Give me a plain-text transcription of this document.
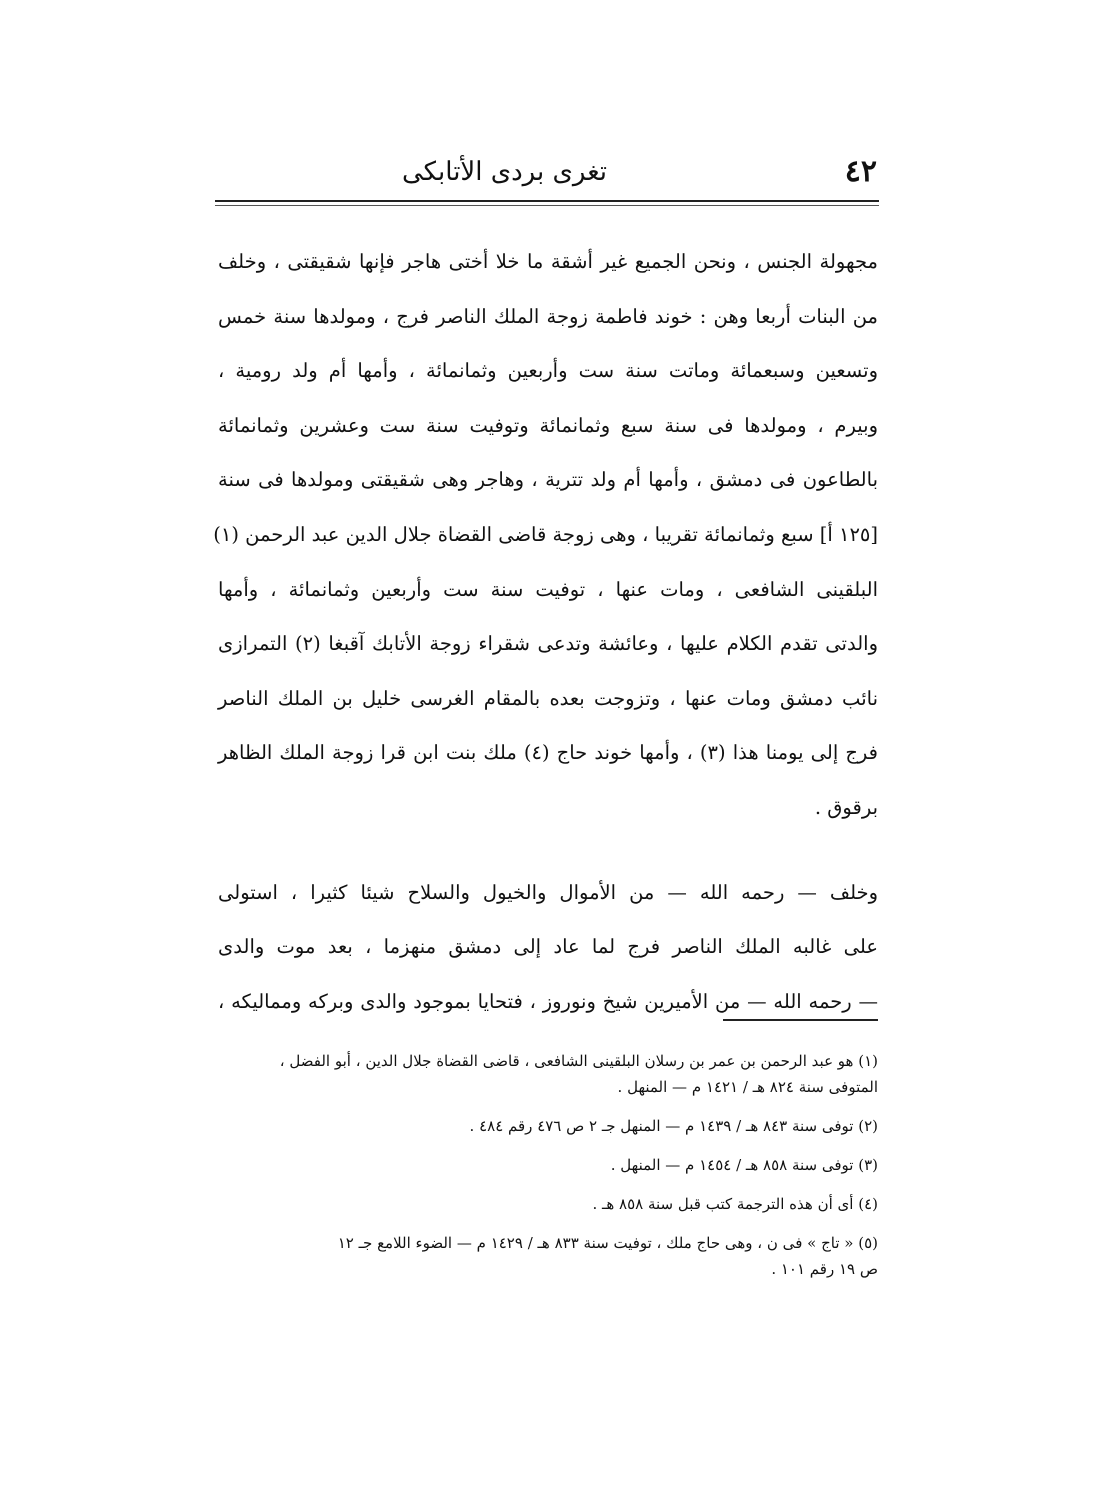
٤٢
تغرى بردى الأتابكى

مجهولة الجنس ، ونحن الجميع غير أشقة ما خلا أختى هاجر فإنها شقيقتى ، وخلف
من البنات أربعا وهن : خوند فاطمة زوجة الملك الناصر فرج ، ومولدها سنة خمس
وتسعين وسبعمائة وماتت سنة ست وأربعين وثمانمائة ، وأمها أم ولد رومية ،
وبيرم ، ومولدها فى سنة سبع وثمانمائة وتوفيت سنة ست وعشرين وثمانمائة
بالطاعون فى دمشق ، وأمها أم ولد تترية ، وهاجر وهى شقيقتى ومولدها فى سنة
[١٢٥ أ] سبع وثمانمائة تقريبا ، وهى زوجة قاضى القضاة جلال الدين عبد الرحمن (١)
البلقينى الشافعى ، ومات عنها ، توفيت سنة ست وأربعين وثمانمائة ، وأمها
والدتى تقدم الكلام عليها ، وعائشة وتدعى شقراء زوجة الأتابك آقبغا (٢) التمرازى
نائب دمشق ومات عنها ، وتزوجت بعده بالمقام الغرسى خليل بن الملك الناصر
فرج إلى يومنا هذا (٣) ، وأمها خوند حاج (٤) ملك بنت ابن قرا زوجة الملك الظاهر
برقوق .

وخلف — رحمه الله — من الأموال والخيول والسلاح شيئا كثيرا ، استولى
على غالبه الملك الناصر فرج لما عاد إلى دمشق منهزما ، بعد موت والدى
— رحمه الله — من الأميرين شيخ ونوروز ، فتحايا بموجود والدى وبركه ومماليكه ،

(١) هو عبد الرحمن بن عمر بن رسلان البلقينى الشافعى ، قاضى القضاة جلال الدين ، أبو الفضل ،
المتوفى سنة ٨٢٤ هـ / ١٤٢١ م — المنهل .

(٢) توفى سنة ٨٤٣ هـ / ١٤٣٩ م — المنهل جـ ٢ ص ٤٧٦ رقم ٤٨٤ .

(٣) توفى سنة ٨٥٨ هـ / ١٤٥٤ م — المنهل .

(٤) أى أن هذه الترجمة كتب قبل سنة ٨٥٨ هـ .

(٥) « تاج » فى ن ، وهى حاج ملك ، توفيت سنة ٨٣٣ هـ / ١٤٢٩ م — الضوء اللامع جـ ١٢
ص ١٩ رقم ١٠١ .
